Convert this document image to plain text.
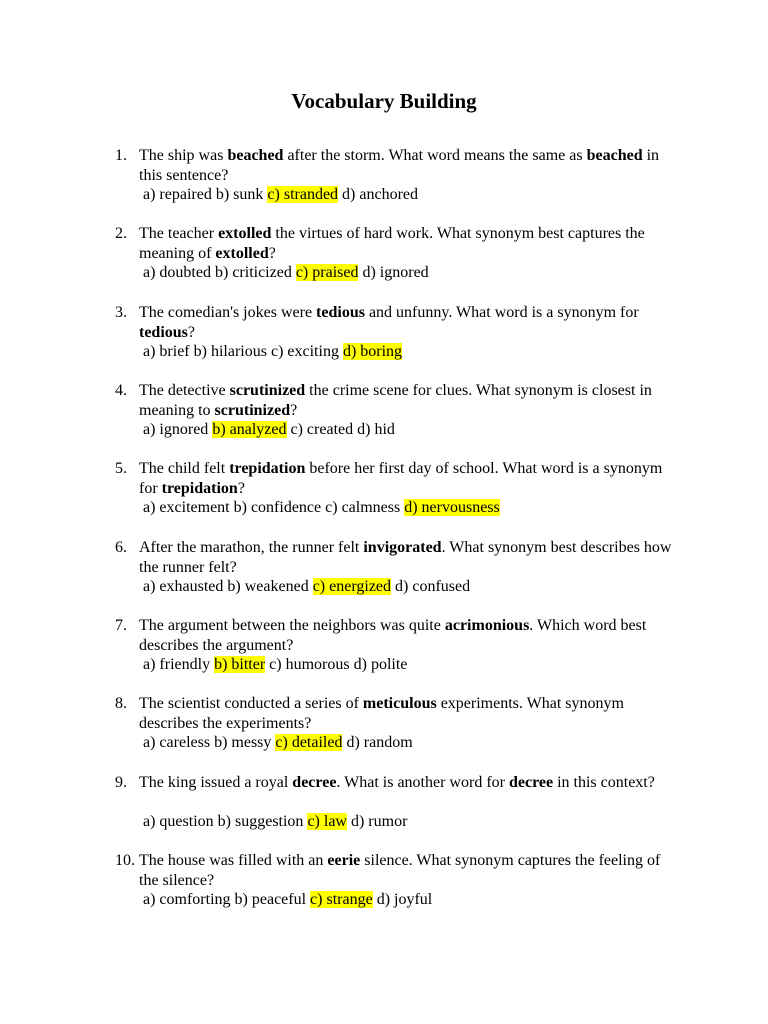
Vocabulary Building
1. The ship was beached after the storm. What word means the same as beached in this sentence?
a) repaired b) sunk c) stranded d) anchored
2. The teacher extolled the virtues of hard work. What synonym best captures the meaning of extolled?
a) doubted b) criticized c) praised d) ignored
3. The comedian's jokes were tedious and unfunny. What word is a synonym for tedious?
a) brief b) hilarious c) exciting d) boring
4. The detective scrutinized the crime scene for clues. What synonym is closest in meaning to scrutinized?
a) ignored b) analyzed c) created d) hid
5. The child felt trepidation before her first day of school. What word is a synonym for trepidation?
a) excitement b) confidence c) calmness d) nervousness
6. After the marathon, the runner felt invigorated. What synonym best describes how the runner felt?
a) exhausted b) weakened c) energized d) confused
7. The argument between the neighbors was quite acrimonious. Which word best describes the argument?
a) friendly b) bitter c) humorous d) polite
8. The scientist conducted a series of meticulous experiments. What synonym describes the experiments?
a) careless b) messy c) detailed d) random
9. The king issued a royal decree. What is another word for decree in this context?
a) question b) suggestion c) law d) rumor
10. The house was filled with an eerie silence. What synonym captures the feeling of the silence?
a) comforting b) peaceful c) strange d) joyful
